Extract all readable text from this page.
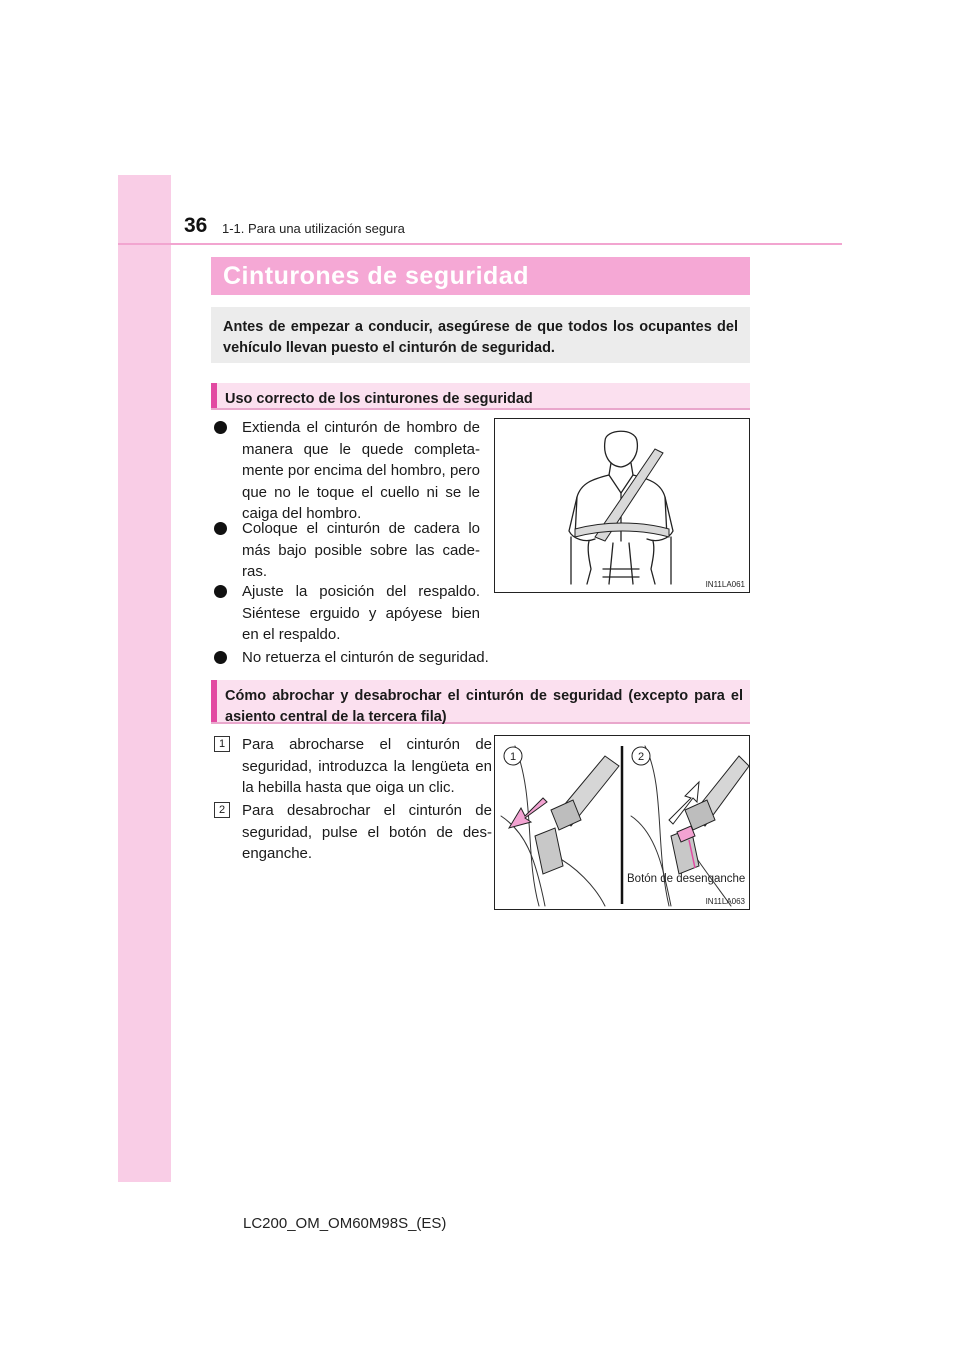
36 1-1. Para una utilización segura
Cinturones de seguridad
Antes de empezar a conducir, asegúrese de que todos los ocupantes del vehículo llevan puesto el cinturón de seguridad.
Uso correcto de los cinturones de seguridad
Extienda el cinturón de hombro de manera que le quede completa-mente por encima del hombro, pero que no le toque el cuello ni se le caiga del hombro.
Coloque el cinturón de cadera lo más bajo posible sobre las cade-ras.
Ajuste la posición del respaldo. Siéntese erguido y apóyese bien en el respaldo.
No retuerza el cinturón de seguridad.
IN11LA061
Cómo abrochar y desabrochar el cinturón de seguridad (excepto para el asiento central de la tercera fila)
1	Para abrocharse el cinturón de seguridad, introduzca la lengüeta en la hebilla hasta que oiga un clic.
2	Para desabrochar el cinturón de seguridad, pulse el botón de des-enganche.
1	2
Botón de desenganche
IN11LA063
LC200_OM_OM60M98S_(ES)
